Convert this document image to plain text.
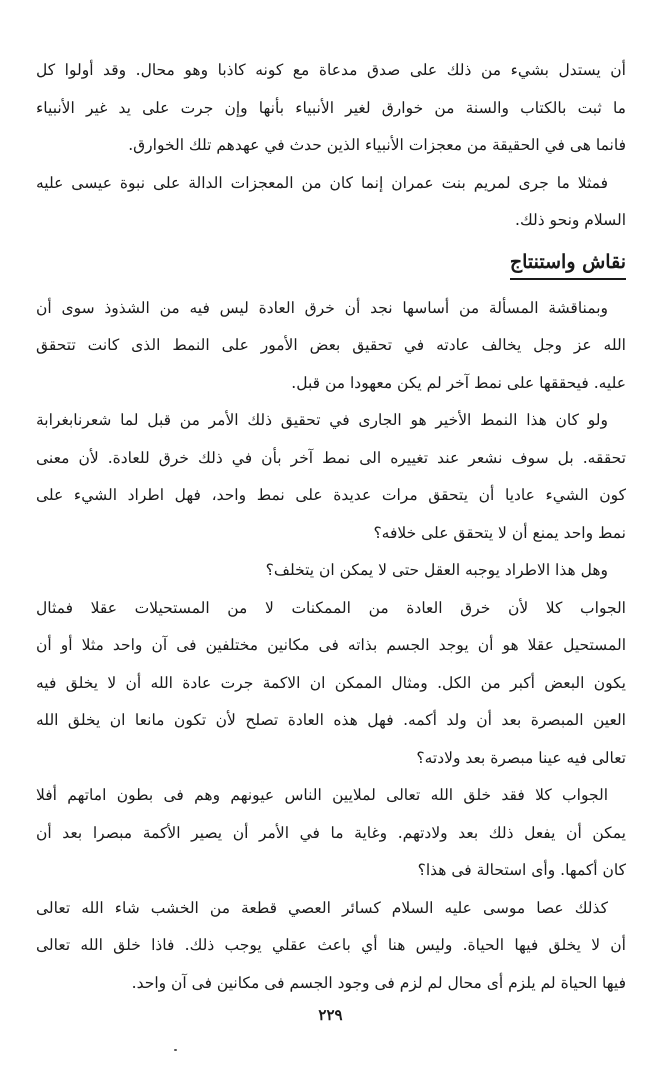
أن يستدل بشيء من ذلك على صدق مدعاة مع كونه كاذبا وهو محال. وقد أولوا كل
ما ثبت بالكتاب والسنة من خوارق لغير الأنبياء بأنها وإن جرت على يد غير الأنبياء
فانما هى في الحقيقة من معجزات الأنبياء الذين حدث في عهدهم تلك الخوارق.
فمثلا ما جرى لمريم بنت عمران إنما كان من المعجزات الدالة على نبوة عيسى عليه
السلام ونحو ذلك.
نقاش واستنتاج
وبمناقشة المسألة من أساسها نجد أن خرق العادة ليس فيه من الشذوذ سوى أن
الله عز وجل يخالف عادته في تحقيق بعض الأمور على النمط الذى كانت تتحقق
عليه. فيحققها على نمط آخر لم يكن معهودا من قبل.
ولو كان هذا النمط الأخير هو الجارى في تحقيق ذلك الأمر من قبل لما شعرنابغرابة
تحققه. بل سوف نشعر عند تغييره الى نمط آخر بأن في ذلك خرق للعادة. لأن معنى
كون الشيء عاديا أن يتحقق مرات عديدة على نمط واحد، فهل اطراد الشيء على
نمط واحد يمنع أن لا يتحقق على خلافه؟
وهل هذا الاطراد يوجبه العقل حتى لا يمكن ان يتخلف؟
الجواب كلا لأن خرق العادة من الممكنات لا من المستحيلات عقلا فمثال
المستحيل عقلا هو أن يوجد الجسم بذاته فى مكانين مختلفين فى آن واحد مثلا أو أن
يكون البعض أكبر من الكل. ومثال الممكن ان الاكمة جرت عادة الله أن لا يخلق فيه
العين المبصرة بعد أن ولد أكمه. فهل هذه العادة تصلح لأن تكون مانعا ان يخلق الله
تعالى فيه عينا مبصرة بعد ولادته؟
الجواب كلا فقد خلق الله تعالى لملايين الناس عيونهم وهم فى بطون اماتهم أفلا
يمكن أن يفعل ذلك بعد ولادتهم. وغاية ما في الأمر أن يصير الأكمة مبصرا بعد أن
كان أكمها. وأى استحالة فى هذا؟
كذلك عصا موسى عليه السلام كسائر العصي قطعة من الخشب شاء الله تعالى
أن لا يخلق فيها الحياة. وليس هنا أي باعث عقلي يوجب ذلك. فاذا خلق الله تعالى
فيها الحياة لم يلزم أى محال لم لزم فى وجود الجسم فى مكانين فى آن واحد.
٢٢٩
